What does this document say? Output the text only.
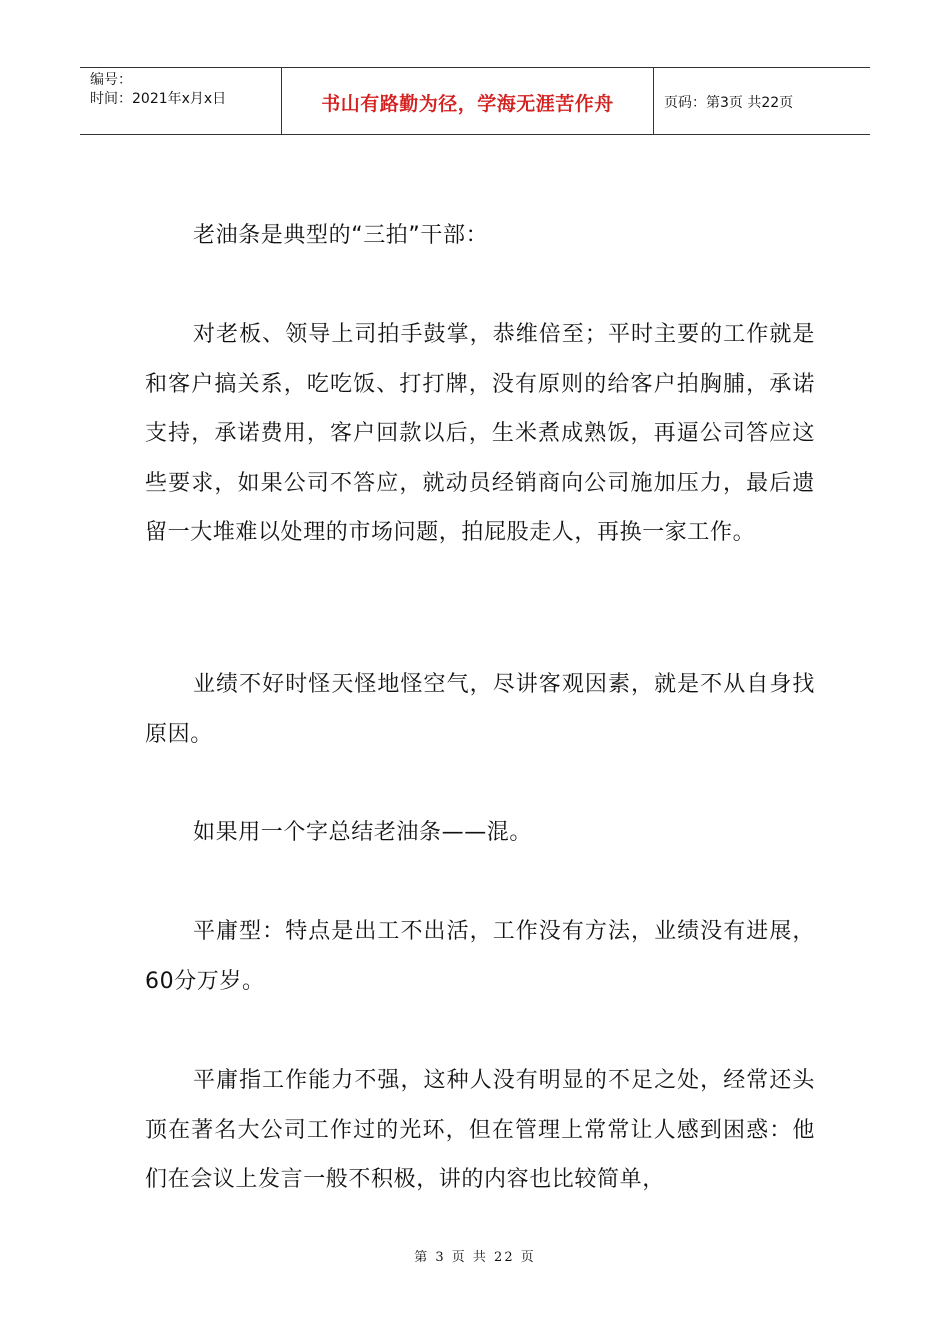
编号：
时间：2021年x月x日	书山有路勤为径，学海无涯苦作舟	页码：第3页 共22页

老油条是典型的“三拍”干部：

对老板、领导上司拍手鼓掌，恭维倍至；平时主要的工作就是和客户搞关系，吃吃饭、打打牌，没有原则的给客户拍胸脯，承诺支持，承诺费用，客户回款以后，生米煮成熟饭，再逼公司答应这些要求，如果公司不答应，就动员经销商向公司施加压力，最后遗留一大堆难以处理的市场问题，拍屁股走人，再换一家工作。

业绩不好时怪天怪地怪空气，尽讲客观因素，就是不从自身找原因。

如果用一个字总结老油条——混。

平庸型：特点是出工不出活，工作没有方法，业绩没有进展，60分万岁。

平庸指工作能力不强，这种人没有明显的不足之处，经常还头顶在著名大公司工作过的光环，但在管理上常常让人感到困惑：他们在会议上发言一般不积极，讲的内容也比较简单，

第 3 页 共 22 页
